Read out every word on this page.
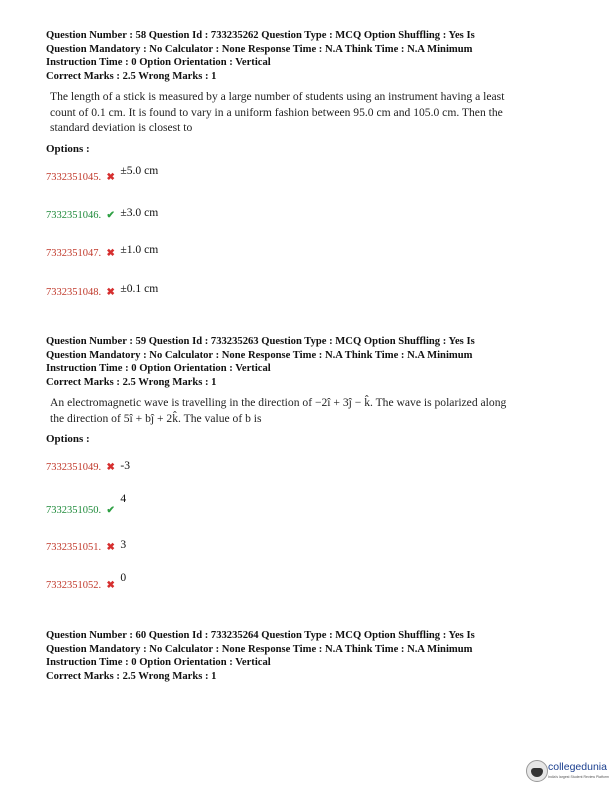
Question Number : 58 Question Id : 733235262 Question Type : MCQ Option Shuffling : Yes Is
Question Mandatory : No Calculator : None Response Time : N.A Think Time : N.A Minimum
Instruction Time : 0 Option Orientation : Vertical
Correct Marks : 2.5 Wrong Marks : 1
The length of a stick is measured by a large number of students using an instrument having a least count of 0.1 cm. It is found to vary in a uniform fashion between 95.0 cm and 105.0 cm. Then the standard deviation is closest to
Options :
7332351045. ✖ ±5.0 cm
7332351046. ✔ ±3.0 cm
7332351047. ✖ ±1.0 cm
7332351048. ✖ ±0.1 cm
Question Number : 59 Question Id : 733235263 Question Type : MCQ Option Shuffling : Yes Is
Question Mandatory : No Calculator : None Response Time : N.A Think Time : N.A Minimum
Instruction Time : 0 Option Orientation : Vertical
Correct Marks : 2.5 Wrong Marks : 1
An electromagnetic wave is travelling in the direction of −2î + 3ĵ − k̂. The wave is polarized along the direction of 5î + bĵ + 2k̂. The value of b is
Options :
7332351049. ✖ -3
7332351050. ✔ 4
7332351051. ✖ 3
7332351052. ✖ 0
Question Number : 60 Question Id : 733235264 Question Type : MCQ Option Shuffling : Yes Is
Question Mandatory : No Calculator : None Response Time : N.A Think Time : N.A Minimum
Instruction Time : 0 Option Orientation : Vertical
Correct Marks : 2.5 Wrong Marks : 1
collegedunia
India's largest Student Review Platform
